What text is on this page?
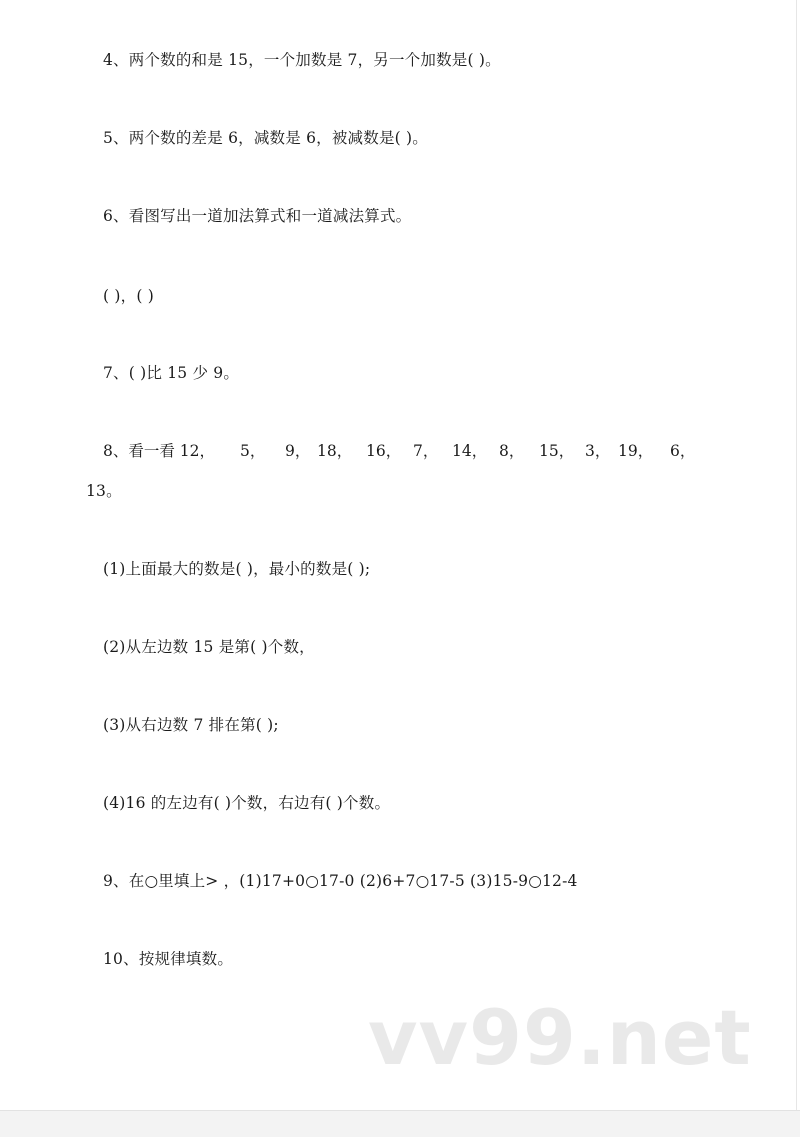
4、两个数的和是 15，一个加数是 7，另一个加数是( )。
5、两个数的差是 6，减数是 6，被减数是( )。
6、看图写出一道加法算式和一道减法算式。
( )，( )
7、( )比 15 少 9。
8、看一看 12， 5， 9， 18， 16， 7， 14， 8， 15， 3， 19， 6，
13。
(1)上面最大的数是( )，最小的数是( );
(2)从左边数 15 是第( )个数，
(3)从右边数 7 排在第( );
(4)16 的左边有( )个数，右边有( )个数。
9、在○里填上> ，(1)17+0○17-0 (2)6+7○17-5 (3)15-9○12-4
10、按规律填数。
vv99.net
